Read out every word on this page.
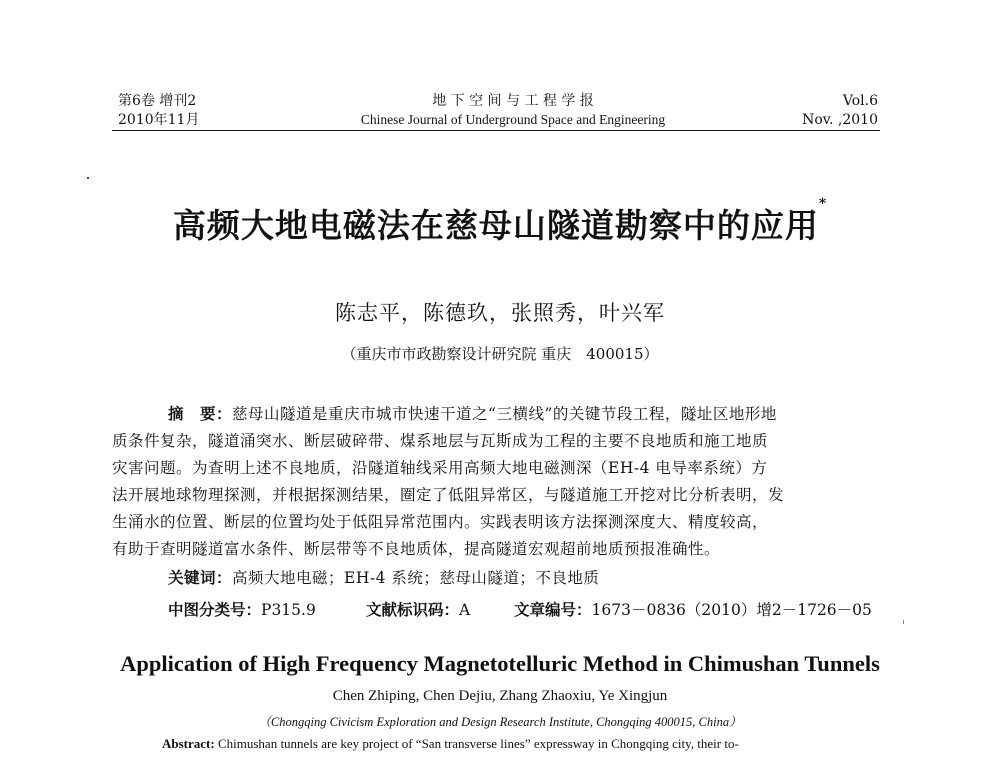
第6卷 增刊2
2010年11月
地 下 空 间 与 工 程 学 报
Chinese Journal of Underground Space and Engineering
Vol.6
Nov. ,2010
高频大地电磁法在慈母山隧道勘察中的应用*
陈志平，陈德玖，张照秀，叶兴军
（重庆市市政勘察设计研究院 重庆　400015）
摘　要：慈母山隧道是重庆市城市快速干道之“三横线”的关键节段工程，隧址区地形地
质条件复杂，隧道涌突水、断层破碎带、煤系地层与瓦斯成为工程的主要不良地质和施工地质
灾害问题。为查明上述不良地质，沿隧道轴线采用高频大地电磁测深（EH-4 电导率系统）方
法开展地球物理探测，并根据探测结果，圈定了低阻异常区，与隧道施工开挖对比分析表明，发
生涌水的位置、断层的位置均处于低阻异常范围内。实践表明该方法探测深度大、精度较高，
有助于查明隧道富水条件、断层带等不良地质体，提高隧道宏观超前地质预报准确性。
关键词：高频大地电磁；EH-4 系统；慈母山隧道；不良地质
中图分类号：P315.9	文献标识码：A	文章编号：1673－0836（2010）增2－1726－05
Application of High Frequency Magnetotelluric Method in Chimushan Tunnels
Chen Zhiping, Chen Dejiu, Zhang Zhaoxiu, Ye Xingjun
（Chongqing Civicism Exploration and Design Research Institute, Chongqing 400015, China）
Abstract: Chimushan tunnels are key project of “San transverse lines” expressway in Chongqing city, their to-
